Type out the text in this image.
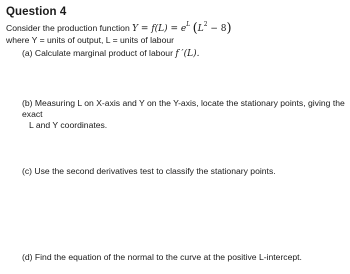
Question 4
Consider the production function $Y = f(L) = e^L$ $(L^2 - 8)$
where Y = units of output, L = units of labour
(a) Calculate marginal product of labour f ′(L).
(b) Measuring L on X-axis and Y on the Y-axis, locate the stationary points, giving the exact
L and Y coordinates.
(c) Use the second derivatives test to classify the stationary points.
(d) Find the equation of the normal to the curve at the positive L-intercept.
